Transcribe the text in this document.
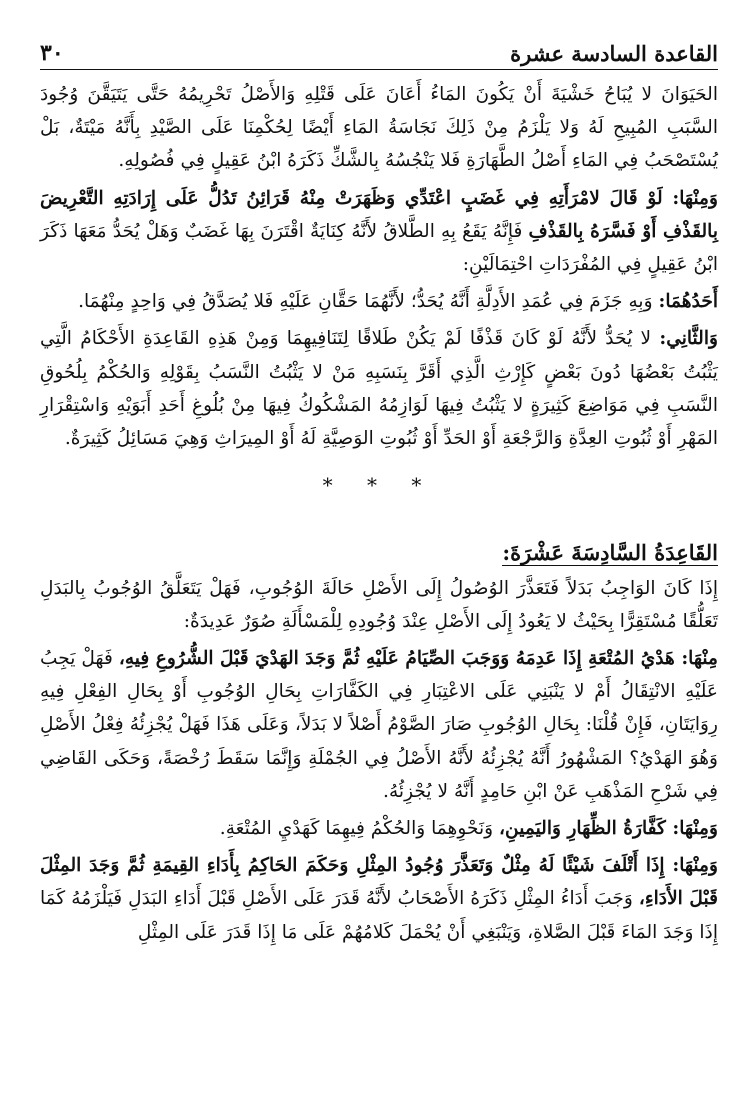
القاعدة السادسة عشرة
٣٠

الحَيَوَانَ لا يُبَاحُ خَشْيَةَ أَنْ يَكُونَ المَاءُ أَعَانَ عَلَى قَتْلِهِ وَالأَصْلُ تَحْرِيمُهُ حَتَّى يَتَيَقَّنَ وُجُودَ السَّبَبِ المُبِيحِ لَهُ وَلا يَلْزَمُ مِنْ ذَلِكَ نَجَاسَةُ المَاءِ أَيْضًا لِحُكْمِنَا عَلَى الصَّيْدِ بِأَنَّهُ مَيْتَةٌ، بَلْ يُسْتَصْحَبُ فِي المَاءِ أَصْلُ الطَّهَارَةِ فَلا يَنْجُسُهُ بِالشَّكِّ ذَكَرَهُ ابْنُ عَقِيلٍ فِي فُصُولِهِ.

وَمِنْهَا: لَوْ قَالَ لامْرَأَتِهِ فِي غَضَبٍ اعْتَدِّي وَظَهَرَتْ مِنْهُ قَرَائِنُ تَدُلُّ عَلَى إِرَادَتِهِ التَّعْرِيضَ بِالقَذْفِ أَوْ فَسَّرَهُ بِالقَذْفِ فَإِنَّهُ يَقَعُ بِهِ الطَّلاقُ لأَنَّهُ كِنَايَةٌ اقْتَرَنَ بِهَا غَضَبٌ وَهَلْ يُحَدُّ مَعَهَا ذَكَرَ ابْنُ عَقِيلٍ فِي المُفْرَدَاتِ احْتِمَالَيْنِ:

أَحَدُهُمَا: وَبِهِ جَزَمَ فِي عُمَدِ الأَدِلَّةِ أَنَّهُ يُحَدُّ؛ لأَنَّهُمَا حَقَّانِ عَلَيْهِ فَلا يُصَدَّقُ فِي وَاحِدٍ مِنْهُمَا.

وَالثَّانِي: لا يُحَدُّ لأَنَّهُ لَوْ كَانَ قَذْفًا لَمْ يَكُنْ طَلاقًا لِتَنَافِيهِمَا وَمِنْ هَذِهِ القَاعِدَةِ الأَحْكَامُ الَّتِي يَثْبُتُ بَعْضُهَا دُونَ بَعْضٍ كَإِرْثِ الَّذِي أَقَرَّ بِنَسَبِهِ مَنْ لا يَثْبُتُ النَّسَبُ بِقَوْلِهِ وَالحُكْمُ بِلُحُوقِ النَّسَبِ فِي مَوَاضِعَ كَثِيرَةٍ لا يَثْبُتُ فِيهَا لَوَازِمُهُ المَشْكُوكُ فِيهَا مِنْ بُلُوغِ أَحَدِ أَبَوَيْهِ وَاسْتِقْرَارِ المَهْرِ أَوْ ثُبُوتِ العِدَّةِ وَالرَّجْعَةِ أَوْ الحَدِّ أَوْ ثُبُوتِ الوَصِيَّةِ لَهُ أَوْ المِيرَاثِ وَهِيَ مَسَائِلُ كَثِيرَةٌ.

* * *
القَاعِدَةُ السَّادِسَةَ عَشْرَةَ:

إِذَا كَانَ الوَاجِبُ بَدَلاً فَتَعَذَّرَ الوُصُولُ إِلَى الأَصْلِ حَالَةَ الوُجُوبِ، فَهَلْ يَتَعَلَّقُ الوُجُوبُ بِالبَدَلِ تَعَلُّقًا مُسْتَقِرًّا بِحَيْثُ لا يَعُودُ إِلَى الأَصْلِ عِنْدَ وُجُودِهِ لِلْمَسْأَلَةِ صُوَرٌ عَدِيدَةٌ:

مِنْهَا: هَدْيُ المُتْعَةِ إِذَا عَدِمَهُ وَوَجَبَ الصِّيَامُ عَلَيْهِ ثُمَّ وَجَدَ الهَدْيَ قَبْلَ الشُّرُوعِ فِيهِ، فَهَلْ يَجِبُ عَلَيْهِ الانْتِقَالُ أَمْ لا يَنْبَنِي عَلَى الاعْتِبَارِ فِي الكَفَّارَاتِ بِحَالِ الوُجُوبِ أَوْ بِحَالِ الفِعْلِ فِيهِ رِوَايَتَانِ، فَإِنْ قُلْنَا: بِحَالِ الوُجُوبِ صَارَ الصَّوْمُ أَصْلاً لا بَدَلاً، وَعَلَى هَذَا فَهَلْ يُجْزِئُهُ فِعْلُ الأَصْلِ وَهُوَ الهَدْيُ؟ المَشْهُورُ أَنَّهُ يُجْزِئُهُ لأَنَّهُ الأَصْلُ فِي الجُمْلَةِ وَإِنَّمَا سَقَطَ رُخْصَةً، وَحَكَى القَاضِي فِي شَرْحِ المَذْهَبِ عَنْ ابْنِ حَامِدٍ أَنَّهُ لا يُجْزِئُهُ.

وَمِنْهَا: كَفَّارَةُ الظِّهَارِ وَاليَمِينِ، وَنَحْوِهِمَا وَالحُكْمُ فِيهِمَا كَهَدْيِ المُتْعَةِ.

وَمِنْهَا: إِذَا أَتْلَفَ شَيْئًا لَهُ مِثْلٌ وَتَعَذَّرَ وُجُودُ المِثْلِ وَحَكَمَ الحَاكِمُ بِأَدَاءِ القِيمَةِ ثُمَّ وَجَدَ المِثْلَ قَبْلَ الأَدَاءِ، وَجَبَ أَدَاءُ المِثْلِ ذَكَرَهُ الأَصْحَابُ لأَنَّهُ قَدَرَ عَلَى الأَصْلِ قَبْلَ أَدَاءِ البَدَلِ فَيَلْزَمُهُ كَمَا إِذَا وَجَدَ المَاءَ قَبْلَ الصَّلاةِ، وَيَنْبَغِي أَنْ يُحْمَلَ كَلامُهُمْ عَلَى مَا إِذَا قَدَرَ عَلَى المِثْلِ
